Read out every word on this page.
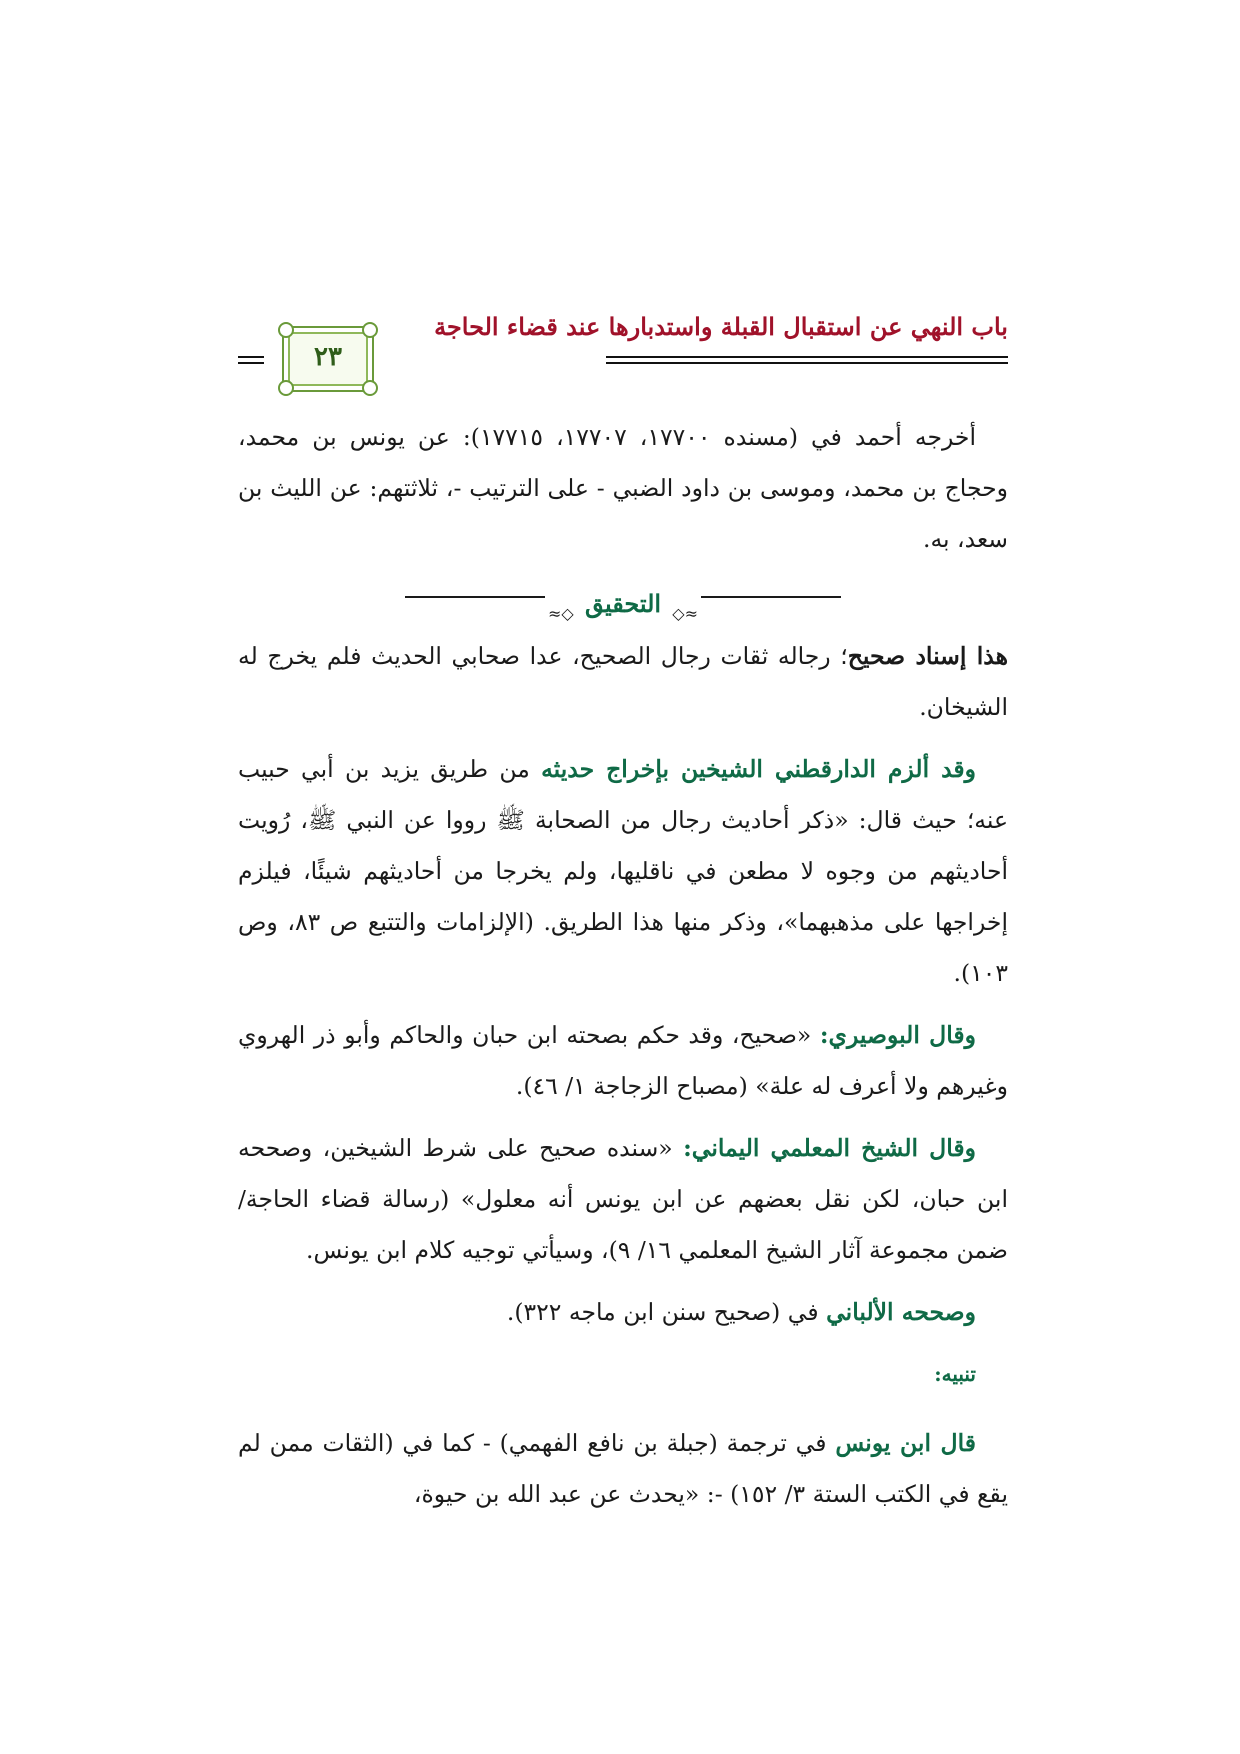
باب النهي عن استقبال القبلة واستدبارها عند قضاء الحاجة
٢٣

أخرجه أحمد في (مسنده ١٧٧٠٠، ١٧٧٠٧، ١٧٧١٥): عن يونس بن محمد، وحجاج بن محمد، وموسى بن داود الضبي - على الترتيب -، ثلاثتهم: عن الليث بن سعد، به.

◇≈ التحقيق ≈◇

هذا إسناد صحيح؛ رجاله ثقات رجال الصحيح، عدا صحابي الحديث فلم يخرج له الشيخان.

وقد ألزم الدارقطني الشيخين بإخراج حديثه من طريق يزيد بن أبي حبيب عنه؛ حيث قال: «ذكر أحاديث رجال من الصحابة ﷺ رووا عن النبي ﷺ، رُويت أحاديثهم من وجوه لا مطعن في ناقليها، ولم يخرجا من أحاديثهم شيئًا، فيلزم إخراجها على مذهبهما»، وذكر منها هذا الطريق. (الإلزامات والتتبع ص ٨٣، وص ١٠٣).

وقال البوصيري: «صحيح، وقد حكم بصحته ابن حبان والحاكم وأبو ذر الهروي وغيرهم ولا أعرف له علة» (مصباح الزجاجة ١/ ٤٦).

وقال الشيخ المعلمي اليماني: «سنده صحيح على شرط الشيخين، وصححه ابن حبان، لكن نقل بعضهم عن ابن يونس أنه معلول» (رسالة قضاء الحاجة/ ضمن مجموعة آثار الشيخ المعلمي ١٦/ ٩)، وسيأتي توجيه كلام ابن يونس.

وصححه الألباني في (صحيح سنن ابن ماجه ٣٢٢).

تنبيه:

قال ابن يونس في ترجمة (جبلة بن نافع الفهمي) - كما في (الثقات ممن لم يقع في الكتب الستة ٣/ ١٥٢) -: «يحدث عن عبد الله بن حيوة،
